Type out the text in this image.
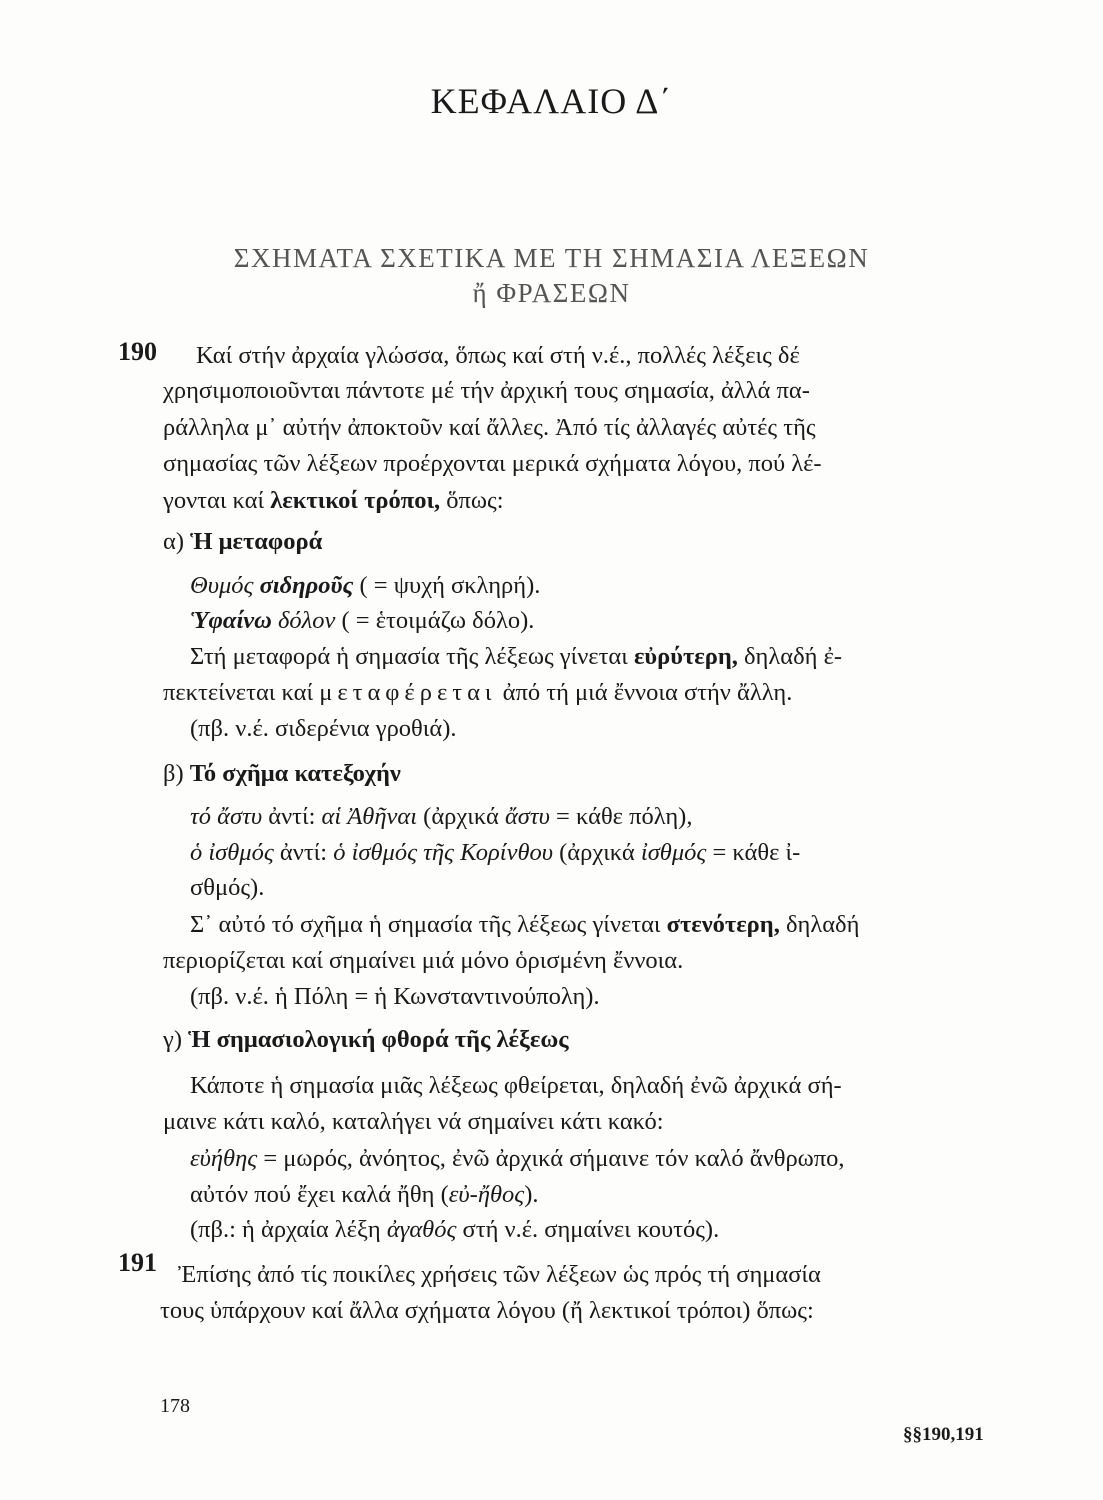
ΚΕΦΑΛΑΙΟ Δ΄
ΣΧΗΜΑΤΑ ΣΧΕΤΙΚΑ ΜΕ ΤΗ ΣΗΜΑΣΙΑ ΛΕΞΕΩΝ
ἤ ΦΡΑΣΕΩΝ
190 Καί στήν ἀρχαία γλώσσα, ὅπως καί στή ν.έ., πολλές λέξεις δέ
χρησιμοποιοῦνται πάντοτε μέ τήν ἀρχική τους σημασία, ἀλλά πα-
ράλληλα μ᾿ αὐτήν ἀποκτοῦν καί ἄλλες. Ἀπό τίς ἀλλαγές αὐτές τῆς
σημασίας τῶν λέξεων προέρχονται μερικά σχήματα λόγου, πού λέ-
γονται καί λεκτικοί τρόποι, ὅπως:
α) Ἡ μεταφορά
Θυμός σιδηροῦς ( = ψυχή σκληρή).
Ὑφαίνω δόλον ( = ἑτοιμάζω δόλο).
Στή μεταφορά ἡ σημασία τῆς λέξεως γίνεται εὐρύτερη, δηλαδή ἐ-
πεκτείνεται καί μεταφέρεται ἀπό τή μιά ἔννοια στήν ἄλλη.
(πβ. ν.έ. σιδερένια γροθιά).
β) Τό σχῆμα κατεξοχήν
τό ἄστυ ἀντί: αἱ Ἀθῆναι (ἀρχικά ἄστυ = κάθε πόλη),
ὁ ἰσθμός ἀντί: ὁ ἰσθμός τῆς Κορίνθου (ἀρχικά ἰσθμός = κάθε ἰ-
σθμός).
Σ᾿ αὐτό τό σχῆμα ἡ σημασία τῆς λέξεως γίνεται στενότερη, δηλαδή
περιορίζεται καί σημαίνει μιά μόνο ὁρισμένη ἔννοια.
(πβ. ν.έ. ἡ Πόλη = ἡ Κωνσταντινούπολη).
γ) Ἡ σημασιολογική φθορά τῆς λέξεως
Κάποτε ἡ σημασία μιᾶς λέξεως φθείρεται, δηλαδή ἐνῶ ἀρχικά σή-
μαινε κάτι καλό, καταλήγει νά σημαίνει κάτι κακό:
εὐήθης = μωρός, ἀνόητος, ἐνῶ ἀρχικά σήμαινε τόν καλό ἄνθρωπο,
αὐτόν πού ἔχει καλά ἤθη (εὐ-ἤθος).
(πβ.: ἡ ἀρχαία λέξη ἀγαθός στή ν.έ. σημαίνει κουτός).
191 Ἐπίσης ἀπό τίς ποικίλες χρήσεις τῶν λέξεων ὡς πρός τή σημασία
τους ὑπάρχουν καί ἄλλα σχήματα λόγου (ἤ λεκτικοί τρόποι) ὅπως:
178
§§190,191
